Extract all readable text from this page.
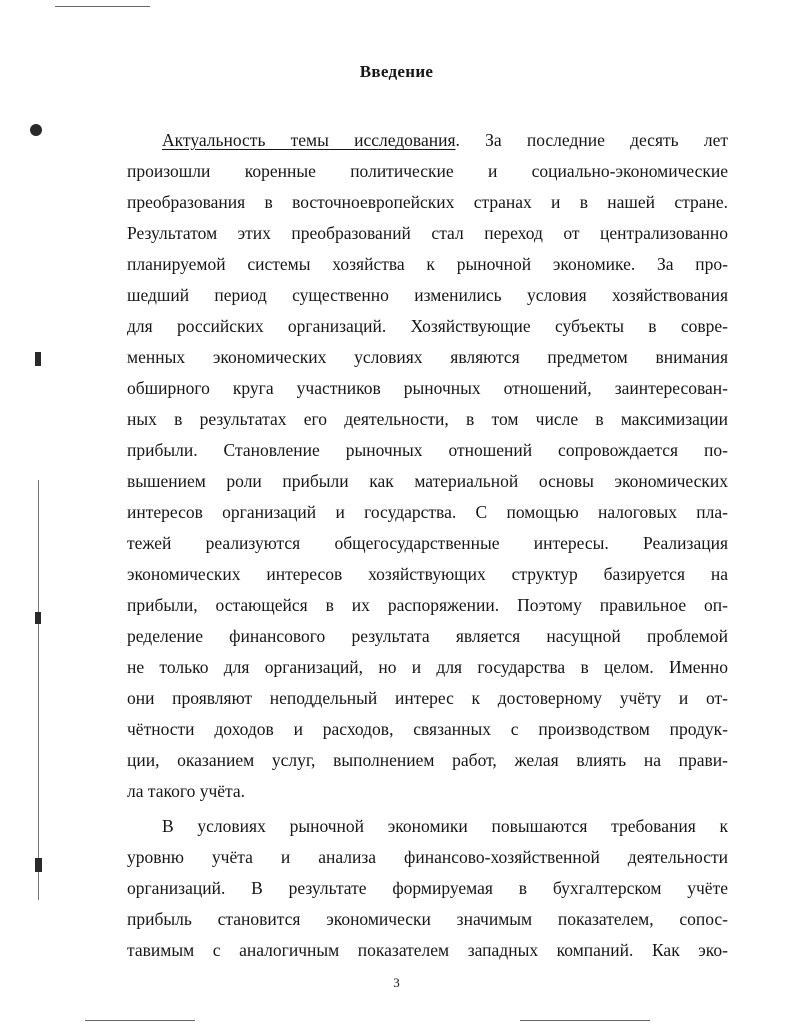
Введение
Актуальность темы исследования. За последние десять лет
произошли коренные политические и социально-экономические
преобразования в восточноевропейских странах и в нашей стране.
Результатом этих преобразований стал переход от централизованно
планируемой системы хозяйства к рыночной экономике. За про-
шедший период существенно изменились условия хозяйствования
для российских организаций. Хозяйствующие субъекты в совре-
менных экономических условиях являются предметом внимания
обширного круга участников рыночных отношений, заинтересован-
ных в результатах его деятельности, в том числе в максимизации
прибыли. Становление рыночных отношений сопровождается по-
вышением роли прибыли как материальной основы экономических
интересов организаций и государства. С помощью налоговых пла-
тежей реализуются общегосударственные интересы. Реализация
экономических интересов хозяйствующих структур базируется на
прибыли, остающейся в их распоряжении. Поэтому правильное оп-
ределение финансового результата является насущной проблемой
не только для организаций, но и для государства в целом. Именно
они проявляют неподдельный интерес к достоверному учёту и от-
чётности доходов и расходов, связанных с производством продук-
ции, оказанием услуг, выполнением работ, желая влиять на прави-
ла такого учёта.
В условиях рыночной экономики повышаются требования к
уровню учёта и анализа финансово-хозяйственной деятельности
организаций. В результате формируемая в бухгалтерском учёте
прибыль становится экономически значимым показателем, сопос-
тавимым с аналогичным показателем западных компаний. Как эко-
3
